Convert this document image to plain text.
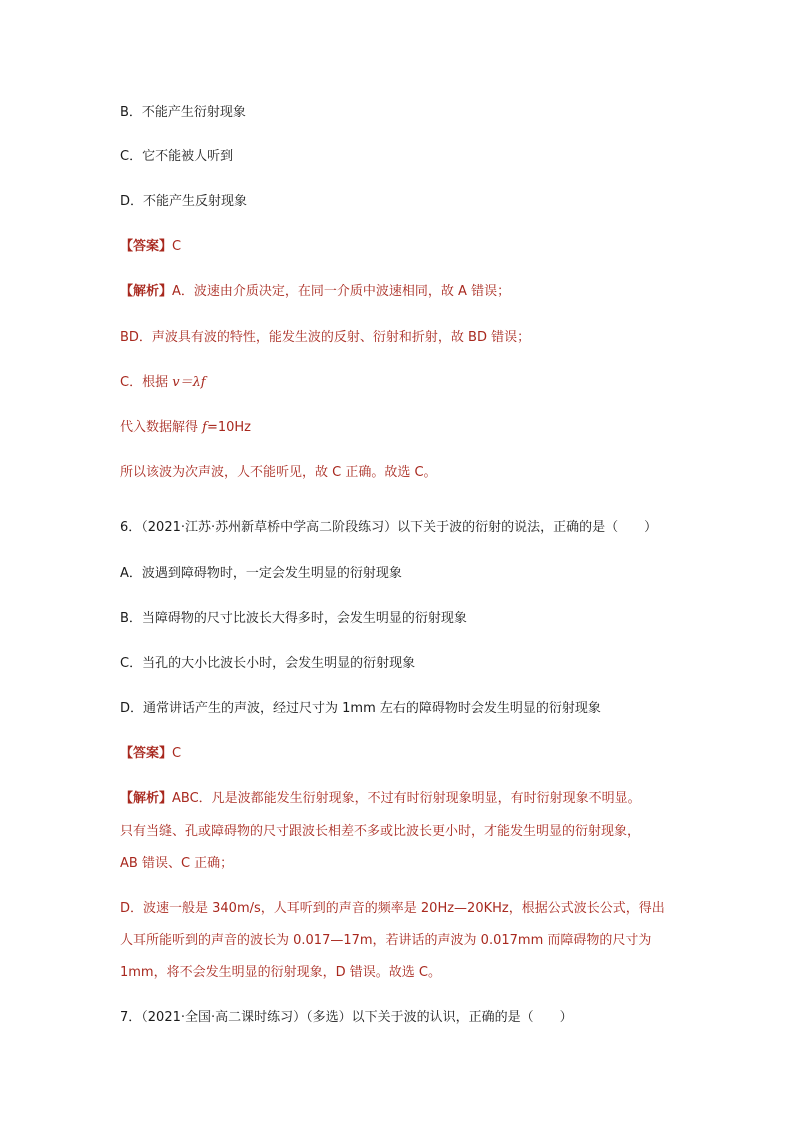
B．不能产生衍射现象
C．它不能被人听到
D．不能产生反射现象
【答案】C
【解析】A．波速由介质决定，在同一介质中波速相同，故 A 错误；
BD．声波具有波的特性，能发生波的反射、衍射和折射，故 BD 错误；
C．根据 v＝λf
代入数据解得 f=10Hz
所以该波为次声波，人不能听见，故 C 正确。故选 C。
6．（2021·江苏·苏州新草桥中学高二阶段练习）以下关于波的衍射的说法，正确的是（　　）
A．波遇到障碍物时，一定会发生明显的衍射现象
B．当障碍物的尺寸比波长大得多时，会发生明显的衍射现象
C．当孔的大小比波长小时，会发生明显的衍射现象
D．通常讲话产生的声波，经过尺寸为 1mm 左右的障碍物时会发生明显的衍射现象
【答案】C
【解析】ABC．凡是波都能发生衍射现象，不过有时衍射现象明显，有时衍射现象不明显。
只有当缝、孔或障碍物的尺寸跟波长相差不多或比波长更小时，才能发生明显的衍射现象，
AB 错误、C 正确；
D．波速一般是 340m/s，人耳听到的声音的频率是 20Hz—20KHz，根据公式波长公式，得出
人耳所能听到的声音的波长为 0.017—17m，若讲话的声波为 0.017mm 而障碍物的尺寸为
1mm，将不会发生明显的衍射现象，D 错误。故选 C。
7．（2021·全国·高二课时练习）（多选）以下关于波的认识，正确的是（　　）
